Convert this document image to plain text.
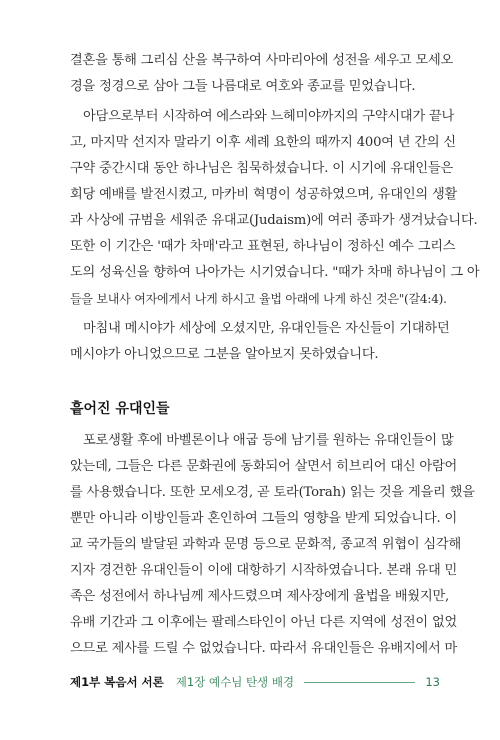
결혼을 통해 그리심 산을 복구하여 사마리아에 성전을 세우고 모세오
경을 정경으로 삼아 그들 나름대로 여호와 종교를 믿었습니다.
아담으로부터 시작하여 에스라와 느헤미야까지의 구약시대가 끝나
고, 마지막 선지자 말라기 이후 세례 요한의 때까지 400여 년 간의 신
구약 중간시대 동안 하나님은 침묵하셨습니다. 이 시기에 유대인들은
회당 예배를 발전시켰고, 마카비 혁명이 성공하였으며, 유대인의 생활
과 사상에 규범을 세워준 유대교(Judaism)에 여러 종파가 생겨났습니다.
또한 이 기간은 '때가 차매'라고 표현된, 하나님이 정하신 예수 그리스
도의 성육신을 향하여 나아가는 시기였습니다. "때가 차매 하나님이 그 아
들을 보내사 여자에게서 나게 하시고 율법 아래에 나게 하신 것은"(갈4:4).
마침내 메시야가 세상에 오셨지만, 유대인들은 자신들이 기대하던
메시야가 아니었으므로 그분을 알아보지 못하였습니다.
흩어진 유대인들
포로생활 후에 바벨론이나 애굽 등에 남기를 원하는 유대인들이 많
았는데, 그들은 다른 문화권에 동화되어 살면서 히브리어 대신 아람어
를 사용했습니다. 또한 모세오경, 곧 토라(Torah) 읽는 것을 게을리 했을
뿐만 아니라 이방인들과 혼인하여 그들의 영향을 받게 되었습니다. 이
교 국가들의 발달된 과학과 문명 등으로 문화적, 종교적 위협이 심각해
지자 경건한 유대인들이 이에 대항하기 시작하였습니다. 본래 유대 민
족은 성전에서 하나님께 제사드렸으며 제사장에게 율법을 배웠지만,
유배 기간과 그 이후에는 팔레스타인이 아닌 다른 지역에 성전이 없었
으므로 제사를 드릴 수 없었습니다. 따라서 유대인들은 유배지에서 마
제1부 복음서 서론 제1장 예수님 탄생 배경	13
